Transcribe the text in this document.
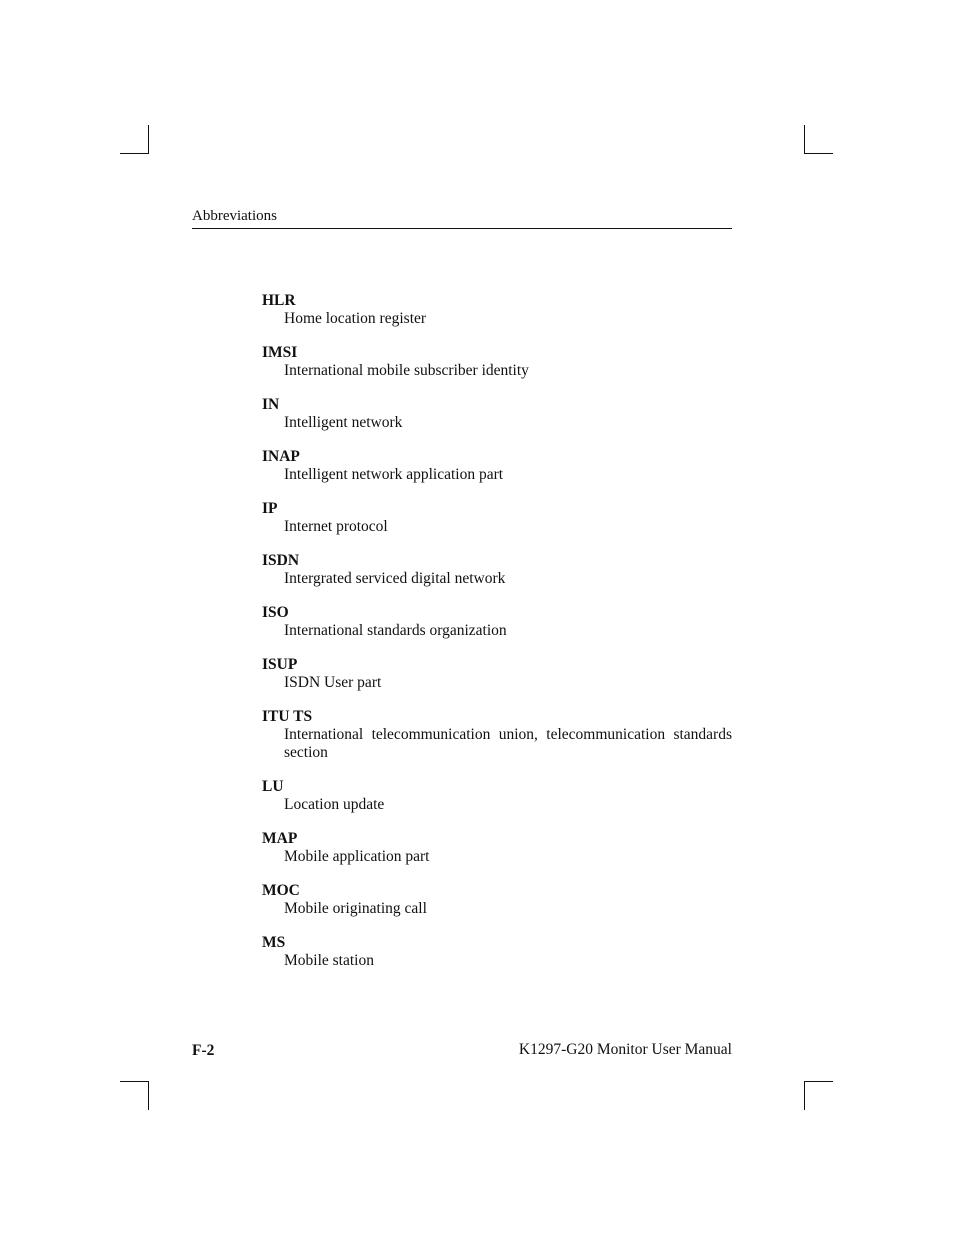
Abbreviations
HLR
Home location register
IMSI
International mobile subscriber identity
IN
Intelligent network
INAP
Intelligent network application part
IP
Internet protocol
ISDN
Intergrated serviced digital network
ISO
International standards organization
ISUP
ISDN User part
ITU TS
International telecommunication union, telecommunication standards section
LU
Location update
MAP
Mobile application part
MOC
Mobile originating call
MS
Mobile station
F-2	K1297-G20 Monitor User Manual
